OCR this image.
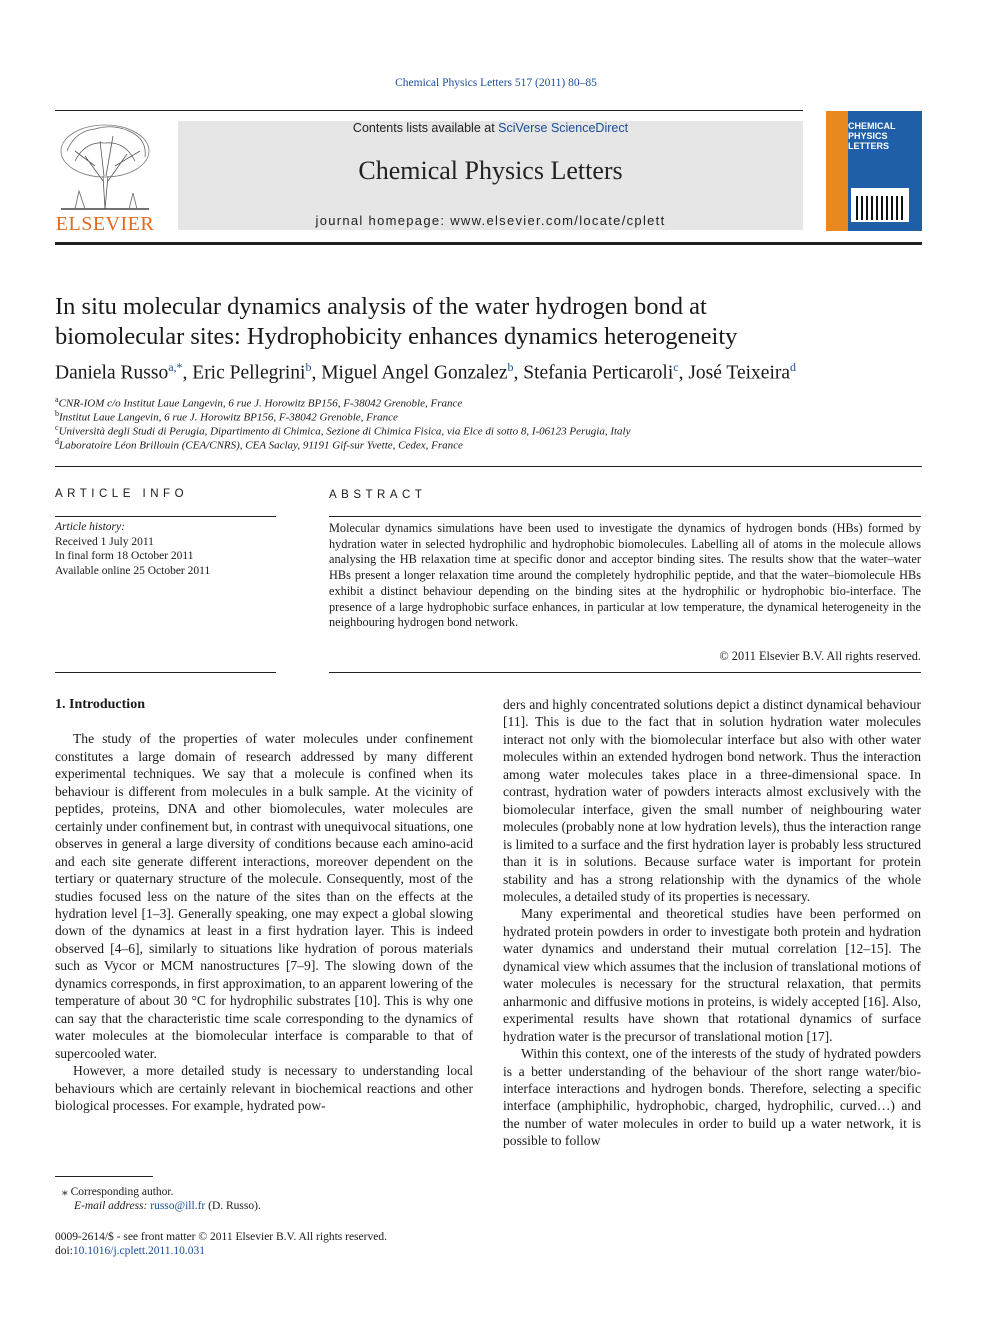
Chemical Physics Letters 517 (2011) 80–85
ELSEVIER
Contents lists available at SciVerse ScienceDirect
Chemical Physics Letters
journal homepage: www.elsevier.com/locate/cplett
CHEMICAL
PHYSICS
LETTERS
In situ molecular dynamics analysis of the water hydrogen bond at
biomolecular sites: Hydrophobicity enhances dynamics heterogeneity
Daniela Russo$^{a,*}$, Eric Pellegrini$^b$, Miguel Angel Gonzalez$^b$, Stefania Perticaroli$^c$, José Teixeira$^d$
$^a$CNR-IOM c/o Institut Laue Langevin, 6 rue J. Horowitz BP156, F-38042 Grenoble, France
$^b$Institut Laue Langevin, 6 rue J. Horowitz BP156, F-38042 Grenoble, France
$^c$Università degli Studi di Perugia, Dipartimento di Chimica, Sezione di Chimica Fisica, via Elce di sotto 8, I-06123 Perugia, Italy
$^d$Laboratoire Léon Brillouin (CEA/CNRS), CEA Saclay, 91191 Gif-sur Yvette, Cedex, France
ARTICLE INFO
Article history:
Received 1 July 2011
In final form 18 October 2011
Available online 25 October 2011
ABSTRACT
Molecular dynamics simulations have been used to investigate the dynamics of hydrogen bonds (HBs) formed by hydration water in selected hydrophilic and hydrophobic biomolecules. Labelling all of atoms in the molecule allows analysing the HB relaxation time at specific donor and acceptor binding sites. The results show that the water–water HBs present a longer relaxation time around the completely hydrophilic peptide, and that the water–biomolecule HBs exhibit a distinct behaviour depending on the binding sites at the hydrophilic or hydrophobic bio-interface. The presence of a large hydrophobic surface enhances, in particular at low temperature, the dynamical heterogeneity in the neighbouring hydrogen bond network.
© 2011 Elsevier B.V. All rights reserved.

1. Introduction

The study of the properties of water molecules under confinement constitutes a large domain of research addressed by many different experimental techniques. We say that a molecule is confined when its behaviour is different from molecules in a bulk sample. At the vicinity of peptides, proteins, DNA and other biomolecules, water molecules are certainly under confinement but, in contrast with unequivocal situations, one observes in general a large diversity of conditions because each amino-acid and each site generate different interactions, moreover dependent on the tertiary or quaternary structure of the molecule. Consequently, most of the studies focused less on the nature of the sites than on the effects at the hydration level [1–3]. Generally speaking, one may expect a global slowing down of the dynamics at least in a first hydration layer. This is indeed observed [4–6], similarly to situations like hydration of porous materials such as Vycor or MCM nanostructures [7–9]. The slowing down of the dynamics corresponds, in first approximation, to an apparent lowering of the temperature of about 30 °C for hydrophilic substrates [10]. This is why one can say that the characteristic time scale corresponding to the dynamics of water molecules at the biomolecular interface is comparable to that of supercooled water.

However, a more detailed study is necessary to understanding local behaviours which are certainly relevant in biochemical reactions and other biological processes. For example, hydrated pow-

ders and highly concentrated solutions depict a distinct dynamical behaviour [11]. This is due to the fact that in solution hydration water molecules interact not only with the biomolecular interface but also with other water molecules within an extended hydrogen bond network. Thus the interaction among water molecules takes place in a three-dimensional space. In contrast, hydration water of powders interacts almost exclusively with the biomolecular interface, given the small number of neighbouring water molecules (probably none at low hydration levels), thus the interaction range is limited to a surface and the first hydration layer is probably less structured than it is in solutions. Because surface water is important for protein stability and has a strong relationship with the dynamics of the whole molecules, a detailed study of its properties is necessary.

Many experimental and theoretical studies have been performed on hydrated protein powders in order to investigate both protein and hydration water dynamics and understand their mutual correlation [12–15]. The dynamical view which assumes that the inclusion of translational motions of water molecules is necessary for the structural relaxation, that permits anharmonic and diffusive motions in proteins, is widely accepted [16]. Also, experimental results have shown that rotational dynamics of surface hydration water is the precursor of translational motion [17].

Within this context, one of the interests of the study of hydrated powders is a better understanding of the behaviour of the short range water/bio-interface interactions and hydrogen bonds. Therefore, selecting a specific interface (amphiphilic, hydrophobic, charged, hydrophilic, curved…) and the number of water molecules in order to build up a water network, it is possible to follow

⁎ Corresponding author.
E-mail address: russo@ill.fr (D. Russo).
0009-2614/$ - see front matter © 2011 Elsevier B.V. All rights reserved.
doi:10.1016/j.cplett.2011.10.031
